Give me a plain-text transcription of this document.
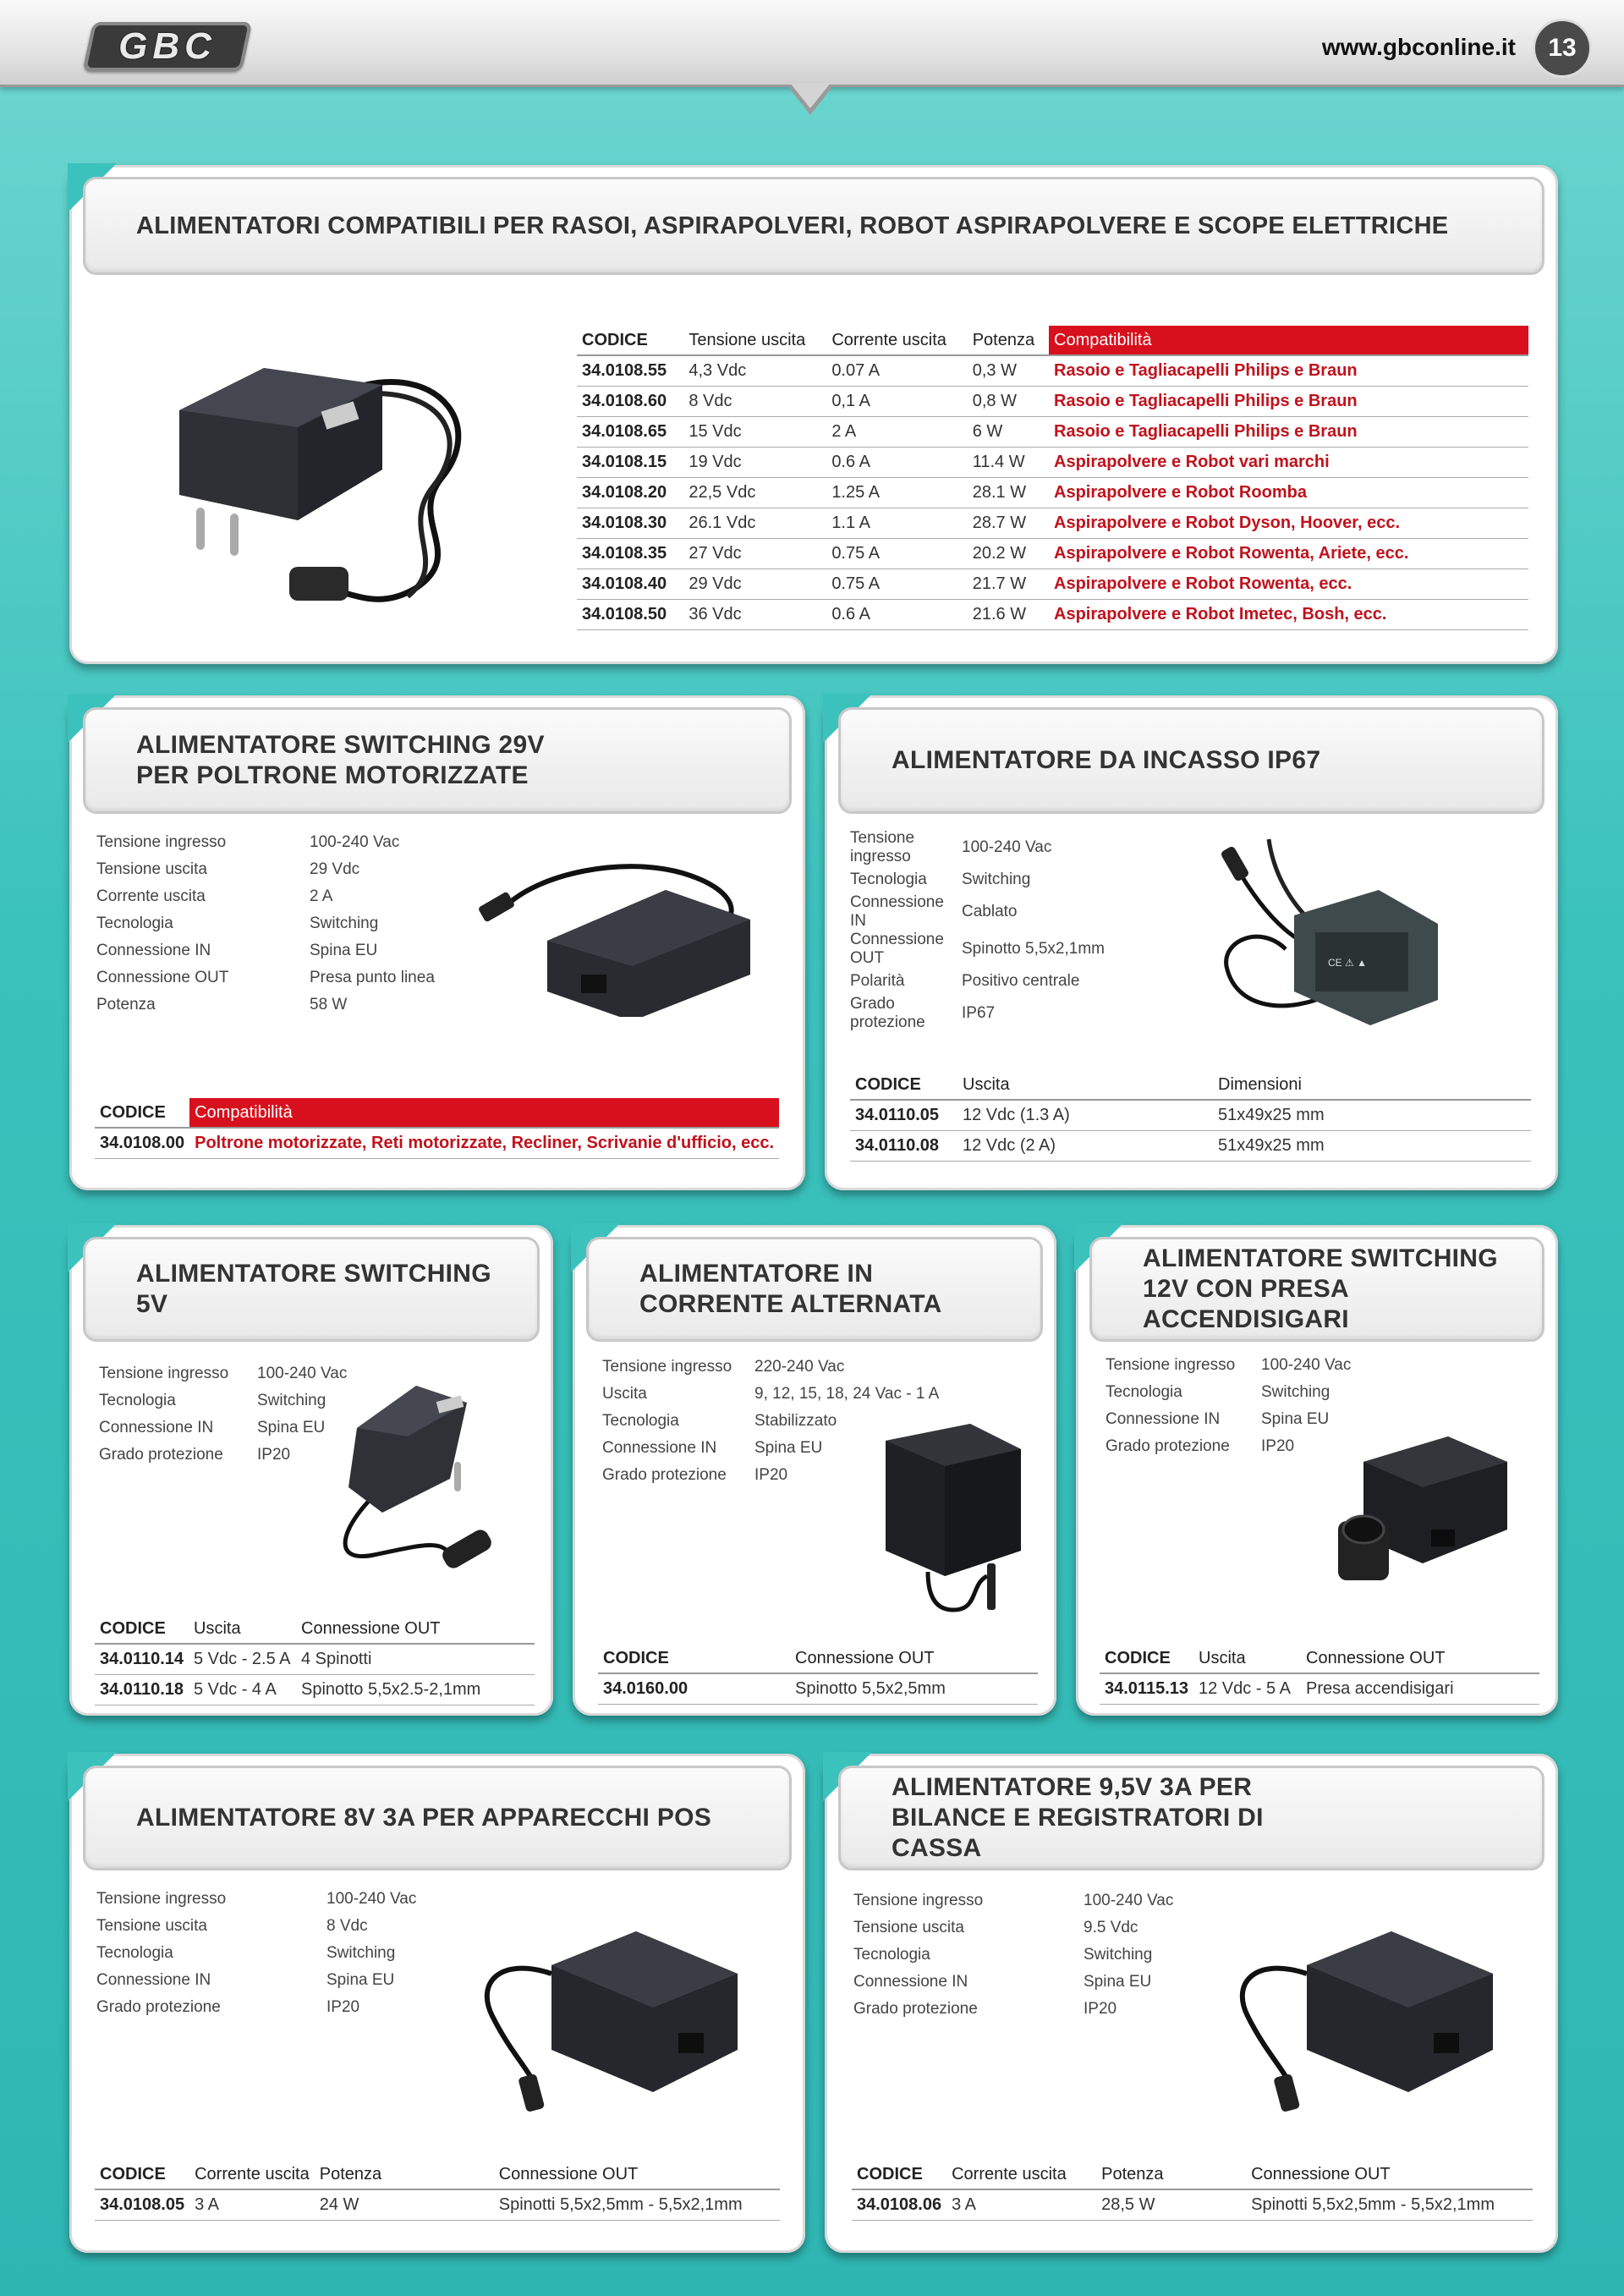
GBC	www.gbconline.it	13
ALIMENTATORI COMPATIBILI PER RASOI, ASPIRAPOLVERI, ROBOT ASPIRAPOLVERE E SCOPE ELETTRICHE
CODICE	Tensione uscita	Corrente uscita	Potenza	Compatibilità
34.0108.55	4,3 Vdc	0.07 A	0,3 W	Rasoio e Tagliacapelli Philips e Braun
34.0108.60	8 Vdc	0,1 A	0,8 W	Rasoio e Tagliacapelli Philips e Braun
34.0108.65	15 Vdc	2 A	6 W	Rasoio e Tagliacapelli Philips e Braun
34.0108.15	19 Vdc	0.6 A	11.4 W	Aspirapolvere e Robot vari marchi
34.0108.20	22,5 Vdc	1.25 A	28.1 W	Aspirapolvere e Robot Roomba
34.0108.30	26.1 Vdc	1.1 A	28.7 W	Aspirapolvere e Robot Dyson, Hoover, ecc.
34.0108.35	27 Vdc	0.75 A	20.2 W	Aspirapolvere e Robot Rowenta, Ariete, ecc.
34.0108.40	29 Vdc	0.75 A	21.7 W	Aspirapolvere e Robot Rowenta, ecc.
34.0108.50	36 Vdc	0.6 A	21.6 W	Aspirapolvere e Robot Imetec, Bosh, ecc.
ALIMENTATORE SWITCHING 29V PER POLTRONE MOTORIZZATE
Tensione ingresso	100-240 Vac
Tensione uscita	29 Vdc
Corrente uscita	2 A
Tecnologia	Switching
Connessione IN	Spina EU
Connessione OUT	Presa punto linea
Potenza	58 W
CODICE	Compatibilità
34.0108.00	Poltrone motorizzate, Reti motorizzate, Recliner, Scrivanie d'ufficio, ecc.
ALIMENTATORE DA INCASSO IP67
Tensione ingresso	100-240 Vac
Tecnologia	Switching
Connessione IN	Cablato
Connessione OUT	Spinotto 5,5x2,1mm
Polarità	Positivo centrale
Grado protezione	IP67
CE ⚠ ▲
CODICE	Uscita	Dimensioni
34.0110.05	12 Vdc (1.3 A)	51x49x25 mm
34.0110.08	12 Vdc (2 A)	51x49x25 mm
ALIMENTATORE SWITCHING 5V
Tensione ingresso	100-240 Vac
Tecnologia	Switching
Connessione IN	Spina EU
Grado protezione	IP20
CODICE	Uscita	Connessione OUT
34.0110.14	5 Vdc - 2.5 A	4 Spinotti
34.0110.18	5 Vdc - 4 A	Spinotto 5,5x2.5-2,1mm
ALIMENTATORE IN CORRENTE ALTERNATA
Tensione ingresso	220-240 Vac
Uscita	9, 12, 15, 18, 24 Vac - 1 A
Tecnologia	Stabilizzato
Connessione IN	Spina EU
Grado protezione	IP20
CODICE	Connessione OUT
34.0160.00	Spinotto 5,5x2,5mm
ALIMENTATORE SWITCHING 12V CON PRESA ACCENDISIGARI
Tensione ingresso	100-240 Vac
Tecnologia	Switching
Connessione IN	Spina EU
Grado protezione	IP20
CODICE	Uscita	Connessione OUT
34.0115.13	12 Vdc - 5 A	Presa accendisigari
ALIMENTATORE 8V 3A PER APPARECCHI POS
Tensione ingresso	100-240 Vac
Tensione uscita	8 Vdc
Tecnologia	Switching
Connessione IN	Spina EU
Grado protezione	IP20
CODICE	Corrente uscita	Potenza	Connessione OUT
34.0108.05	3 A	24 W	Spinotti 5,5x2,5mm - 5,5x2,1mm
ALIMENTATORE 9,5V 3A PER BILANCE E REGISTRATORI DI CASSA
Tensione ingresso	100-240 Vac
Tensione uscita	9.5 Vdc
Tecnologia	Switching
Connessione IN	Spina EU
Grado protezione	IP20
CODICE	Corrente uscita	Potenza	Connessione OUT
34.0108.06	3 A	28,5 W	Spinotti 5,5x2,5mm - 5,5x2,1mm
